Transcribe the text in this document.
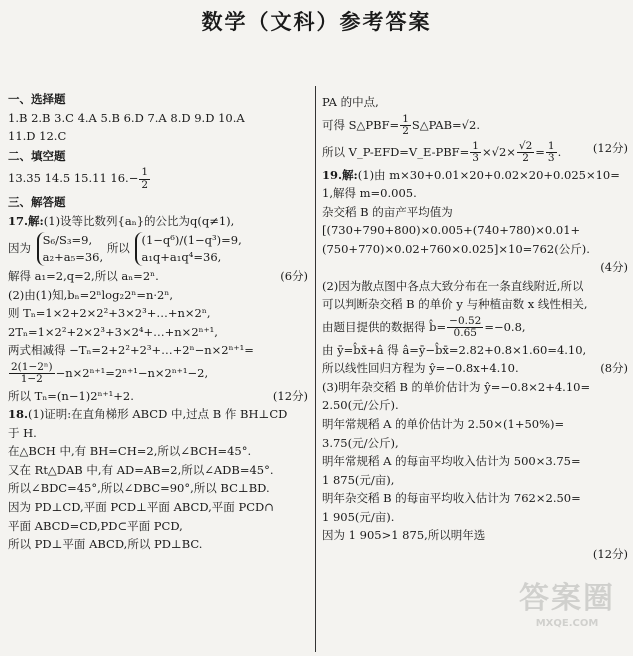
数学（文科）参考答案
一、选择题
1.B 2.B 3.C 4.A 5.B 6.D 7.A 8.D 9.D 10.A
11.D 12.C
二、填空题
13.35 14.5 15.11 $16.- \frac{1}{2}$
三、解答题
17.解:(1)设等比数列{aₙ}的公比为q(q≠1),
因为
S₆/S₃=9,
a₂+a₅=36,
所以
(1−q⁶)/(1−q³)=9,
a₁q+a₁q⁴=36,
解得 a₁=2,q=2,所以 aₙ=2ⁿ.	(6分)
(2)由(1)知,bₙ=2ⁿlog₂2ⁿ=n·2ⁿ,
则 Tₙ=1×2+2×2²+3×2³+…+n×2ⁿ,
2Tₙ=1×2²+2×2³+3×2⁴+…+n×2ⁿ⁺¹,
两式相减得 −Tₙ=2+2²+2³+…+2ⁿ−n×2ⁿ⁺¹=
$\frac{\text{2(1−2ⁿ)}}{1-2} -n\times 2^{n+1}=2^{n+1}-n\times 2^{n+1}-2$,
所以 Tₙ=(n−1)2ⁿ⁺¹+2.	(12分)
18.(1)证明:在直角梯形 ABCD 中,过点 B 作 BH⊥CD
于 H.
在△BCH 中,有 BH=CH=2,所以∠BCH=45°.
又在 Rt△DAB 中,有 AD=AB=2,所以∠ADB=45°.
所以∠BDC=45°,所以∠DBC=90°,所以 BC⊥BD.
因为 PD⊥CD,平面 PCD⊥平面 ABCD,平面 PCD∩
平面 ABCD=CD,PD⊂平面 PCD,
所以 PD⊥平面 ABCD,所以 PD⊥BC.
PA 的中点,
可得 S△PBF= $\frac{1}{2}$ S△PAB=√2.
所以 V_P-EFD=V_E-PBF= $\frac{1}{3} \times√2\times \frac{√2}{2} = \frac{1}{3}$ .	(12分)
19.解:(1)由 m×30+0.01×20+0.02×20+0.025×10=
1,解得 m=0.005.
杂交稻 B 的亩产平均值为
[(730+790+800)×0.005+(740+780)×0.01+
(750+770)×0.02+760×0.025]×10=762(公斤).
(4分)
(2)因为散点图中各点大致分布在一条直线附近,所以
可以判断杂交稻 B 的单价 y 与种植亩数 x 线性相关,
由题目提供的数据得 b̂= $\frac{-0.52}{0.65} =-0.8$,
由 ȳ=b̂x̄+â 得 â=ȳ−b̂x̄=2.82+0.8×1.60=4.10,
所以线性回归方程为 ŷ=−0.8x+4.10.	(8分)
(3)明年杂交稻 B 的单价估计为 ŷ=−0.8×2+4.10=
2.50(元/公斤).
明年常规稻 A 的单价估计为 2.50×(1+50%)=
3.75(元/公斤),
明年常规稻 A 的每亩平均收入估计为 500×3.75=
1 875(元/亩),
明年杂交稻 B 的每亩平均收入估计为 762×2.50=
1 905(元/亩).
因为 1 905>1 875,所以明年选
(12分)
答案圈
MXQE.COM
